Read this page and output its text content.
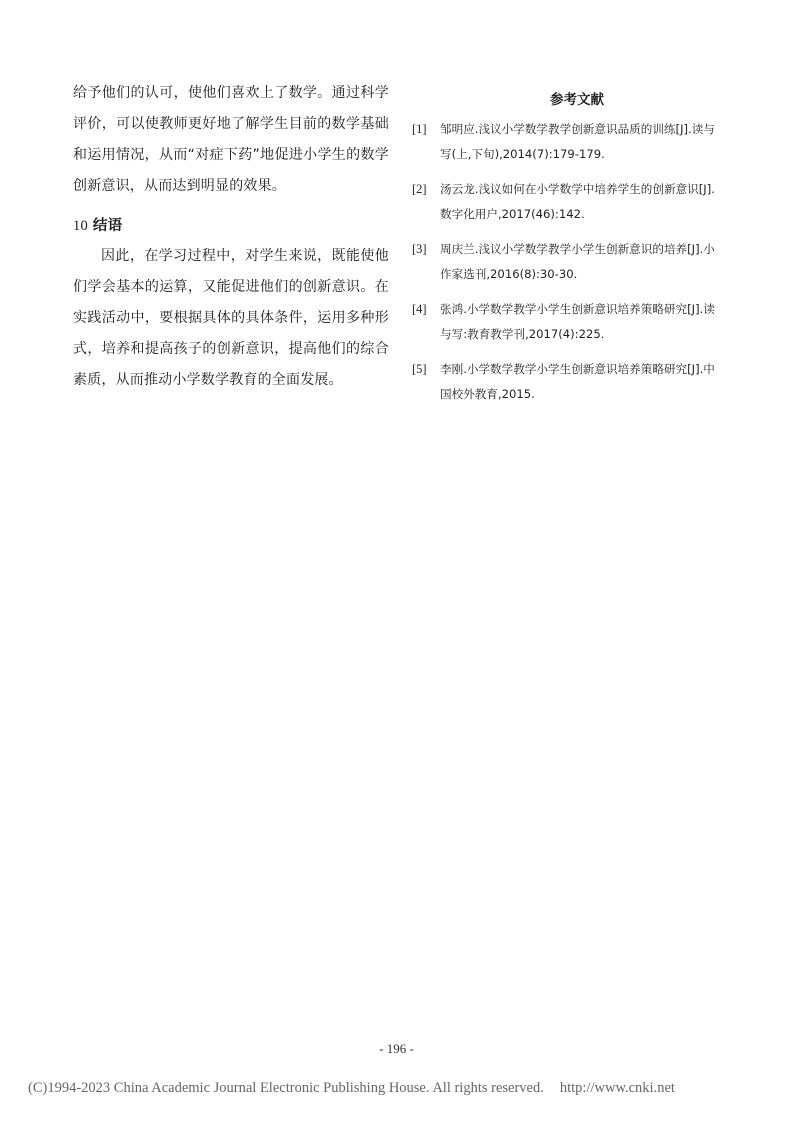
给予他们的认可，使他们喜欢上了数学。通过科学评价，可以使教师更好地了解学生目前的数学基础和运用情况，从而“对症下药”地促进小学生的数学创新意识，从而达到明显的效果。

10 结语

因此，在学习过程中，对学生来说，既能使他们学会基本的运算，又能促进他们的创新意识。在实践活动中，要根据具体的具体条件，运用多种形式，培养和提高孩子的创新意识，提高他们的综合素质，从而推动小学数学教育的全面发展。

参考文献
[1] 邹明应.浅议小学数学教学创新意识品质的训练[J].读与写(上,下旬),2014(7):179-179.
[2] 汤云龙.浅议如何在小学数学中培养学生的创新意识[J].数字化用户,2017(46):142.
[3] 周庆兰.浅议小学数学教学小学生创新意识的培养[J].小作家选刊,2016(8):30-30.
[4] 张鸿.小学数学教学小学生创新意识培养策略研究[J].读与写:教育教学刊,2017(4):225.
[5] 李刚.小学数学教学小学生创新意识培养策略研究[J].中国校外教育,2015.
- 196 -
(C)1994-2023 China Academic Journal Electronic Publishing House. All rights reserved. http://www.cnki.net
